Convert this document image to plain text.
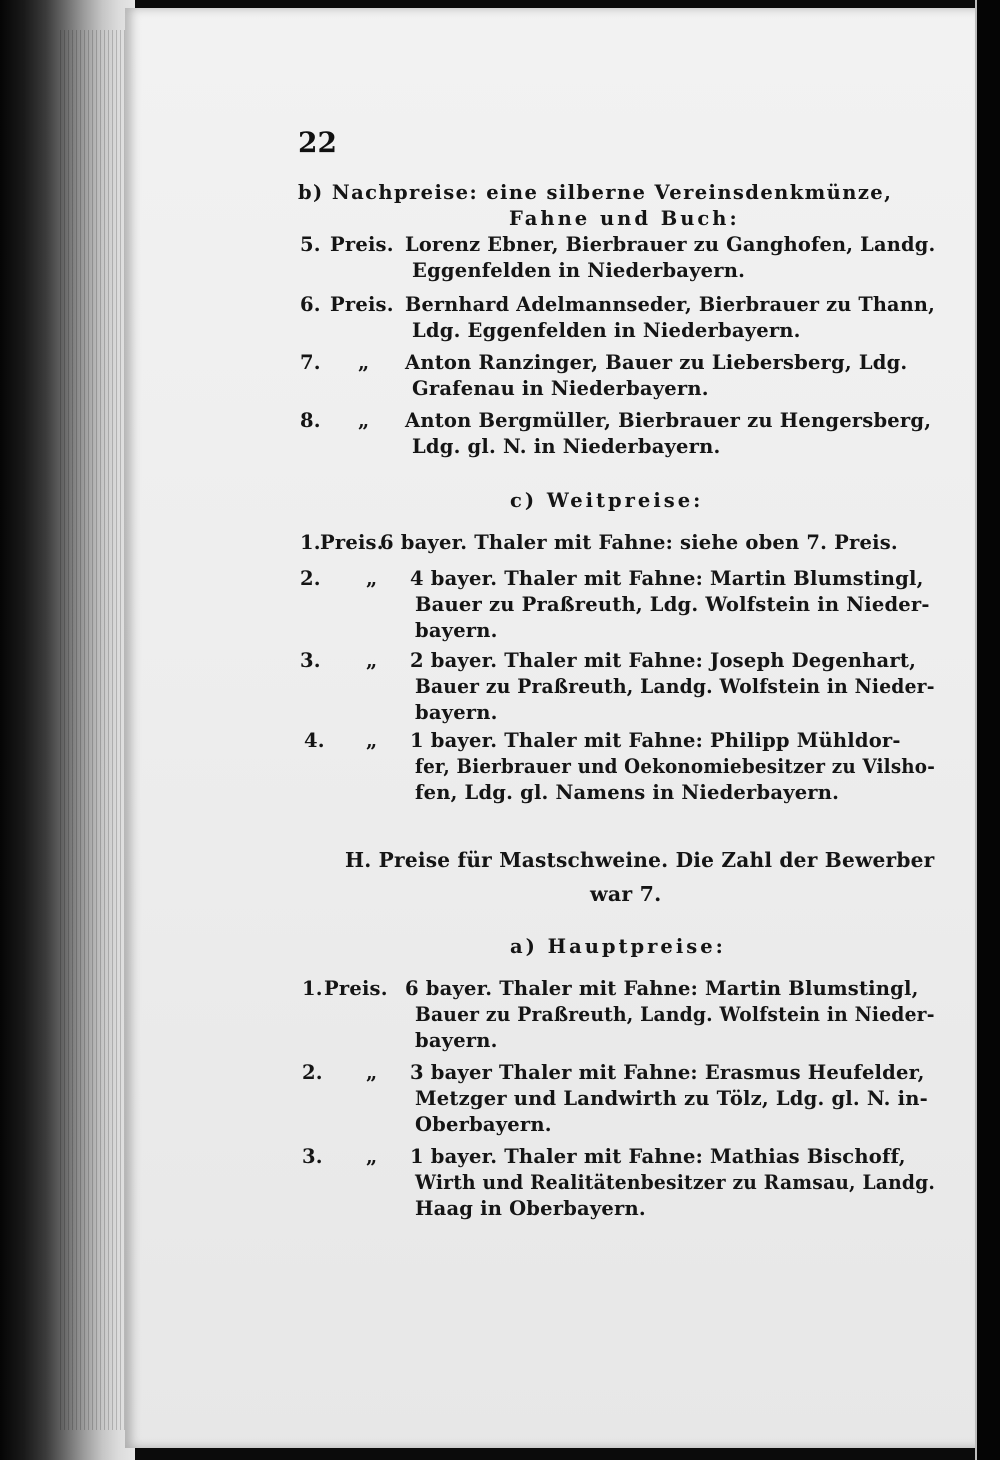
22
b) Nachpreise: eine silberne Vereinsdenkmünze,
Fahne und Buch:
5. Preis. Lorenz Ebner, Bierbrauer zu Ganghofen, Landg.
Eggenfelden in Niederbayern.
6. Preis. Bernhard Adelmannseder, Bierbrauer zu Thann,
Ldg. Eggenfelden in Niederbayern.
7. „ Anton Ranzinger, Bauer zu Liebersberg, Ldg.
Grafenau in Niederbayern.
8. „ Anton Bergmüller, Bierbrauer zu Hengersberg,
Ldg. gl. N. in Niederbayern.
c) Weitpreise:
1. Preis.
6 bayer. Thaler mit Fahne: siehe oben 7. Preis.
2. „ 4 bayer. Thaler mit Fahne: Martin Blumstingl,
Bauer zu Praßreuth, Ldg. Wolfstein in Nieder-
bayern.
3. „ 2 bayer. Thaler mit Fahne: Joseph Degenhart,
Bauer zu Praßreuth, Landg. Wolfstein in Nieder-
bayern.
4. „ 1 bayer. Thaler mit Fahne: Philipp Mühldor-
fer, Bierbrauer und Oekonomiebesitzer zu Vilsho-
fen, Ldg. gl. Namens in Niederbayern.
H. Preise für Mastschweine. Die Zahl der Bewerber
war 7.
a) Hauptpreise:
1. Preis. 6 bayer. Thaler mit Fahne: Martin Blumstingl,
Bauer zu Praßreuth, Landg. Wolfstein in Nieder-
bayern.
2. „ 3 bayer Thaler mit Fahne: Erasmus Heufelder,
Metzger und Landwirth zu Tölz, Ldg. gl. N. in-
Oberbayern.
3. „ 1 bayer. Thaler mit Fahne: Mathias Bischoff,
Wirth und Realitätenbesitzer zu Ramsau, Landg.
Haag in Oberbayern.
